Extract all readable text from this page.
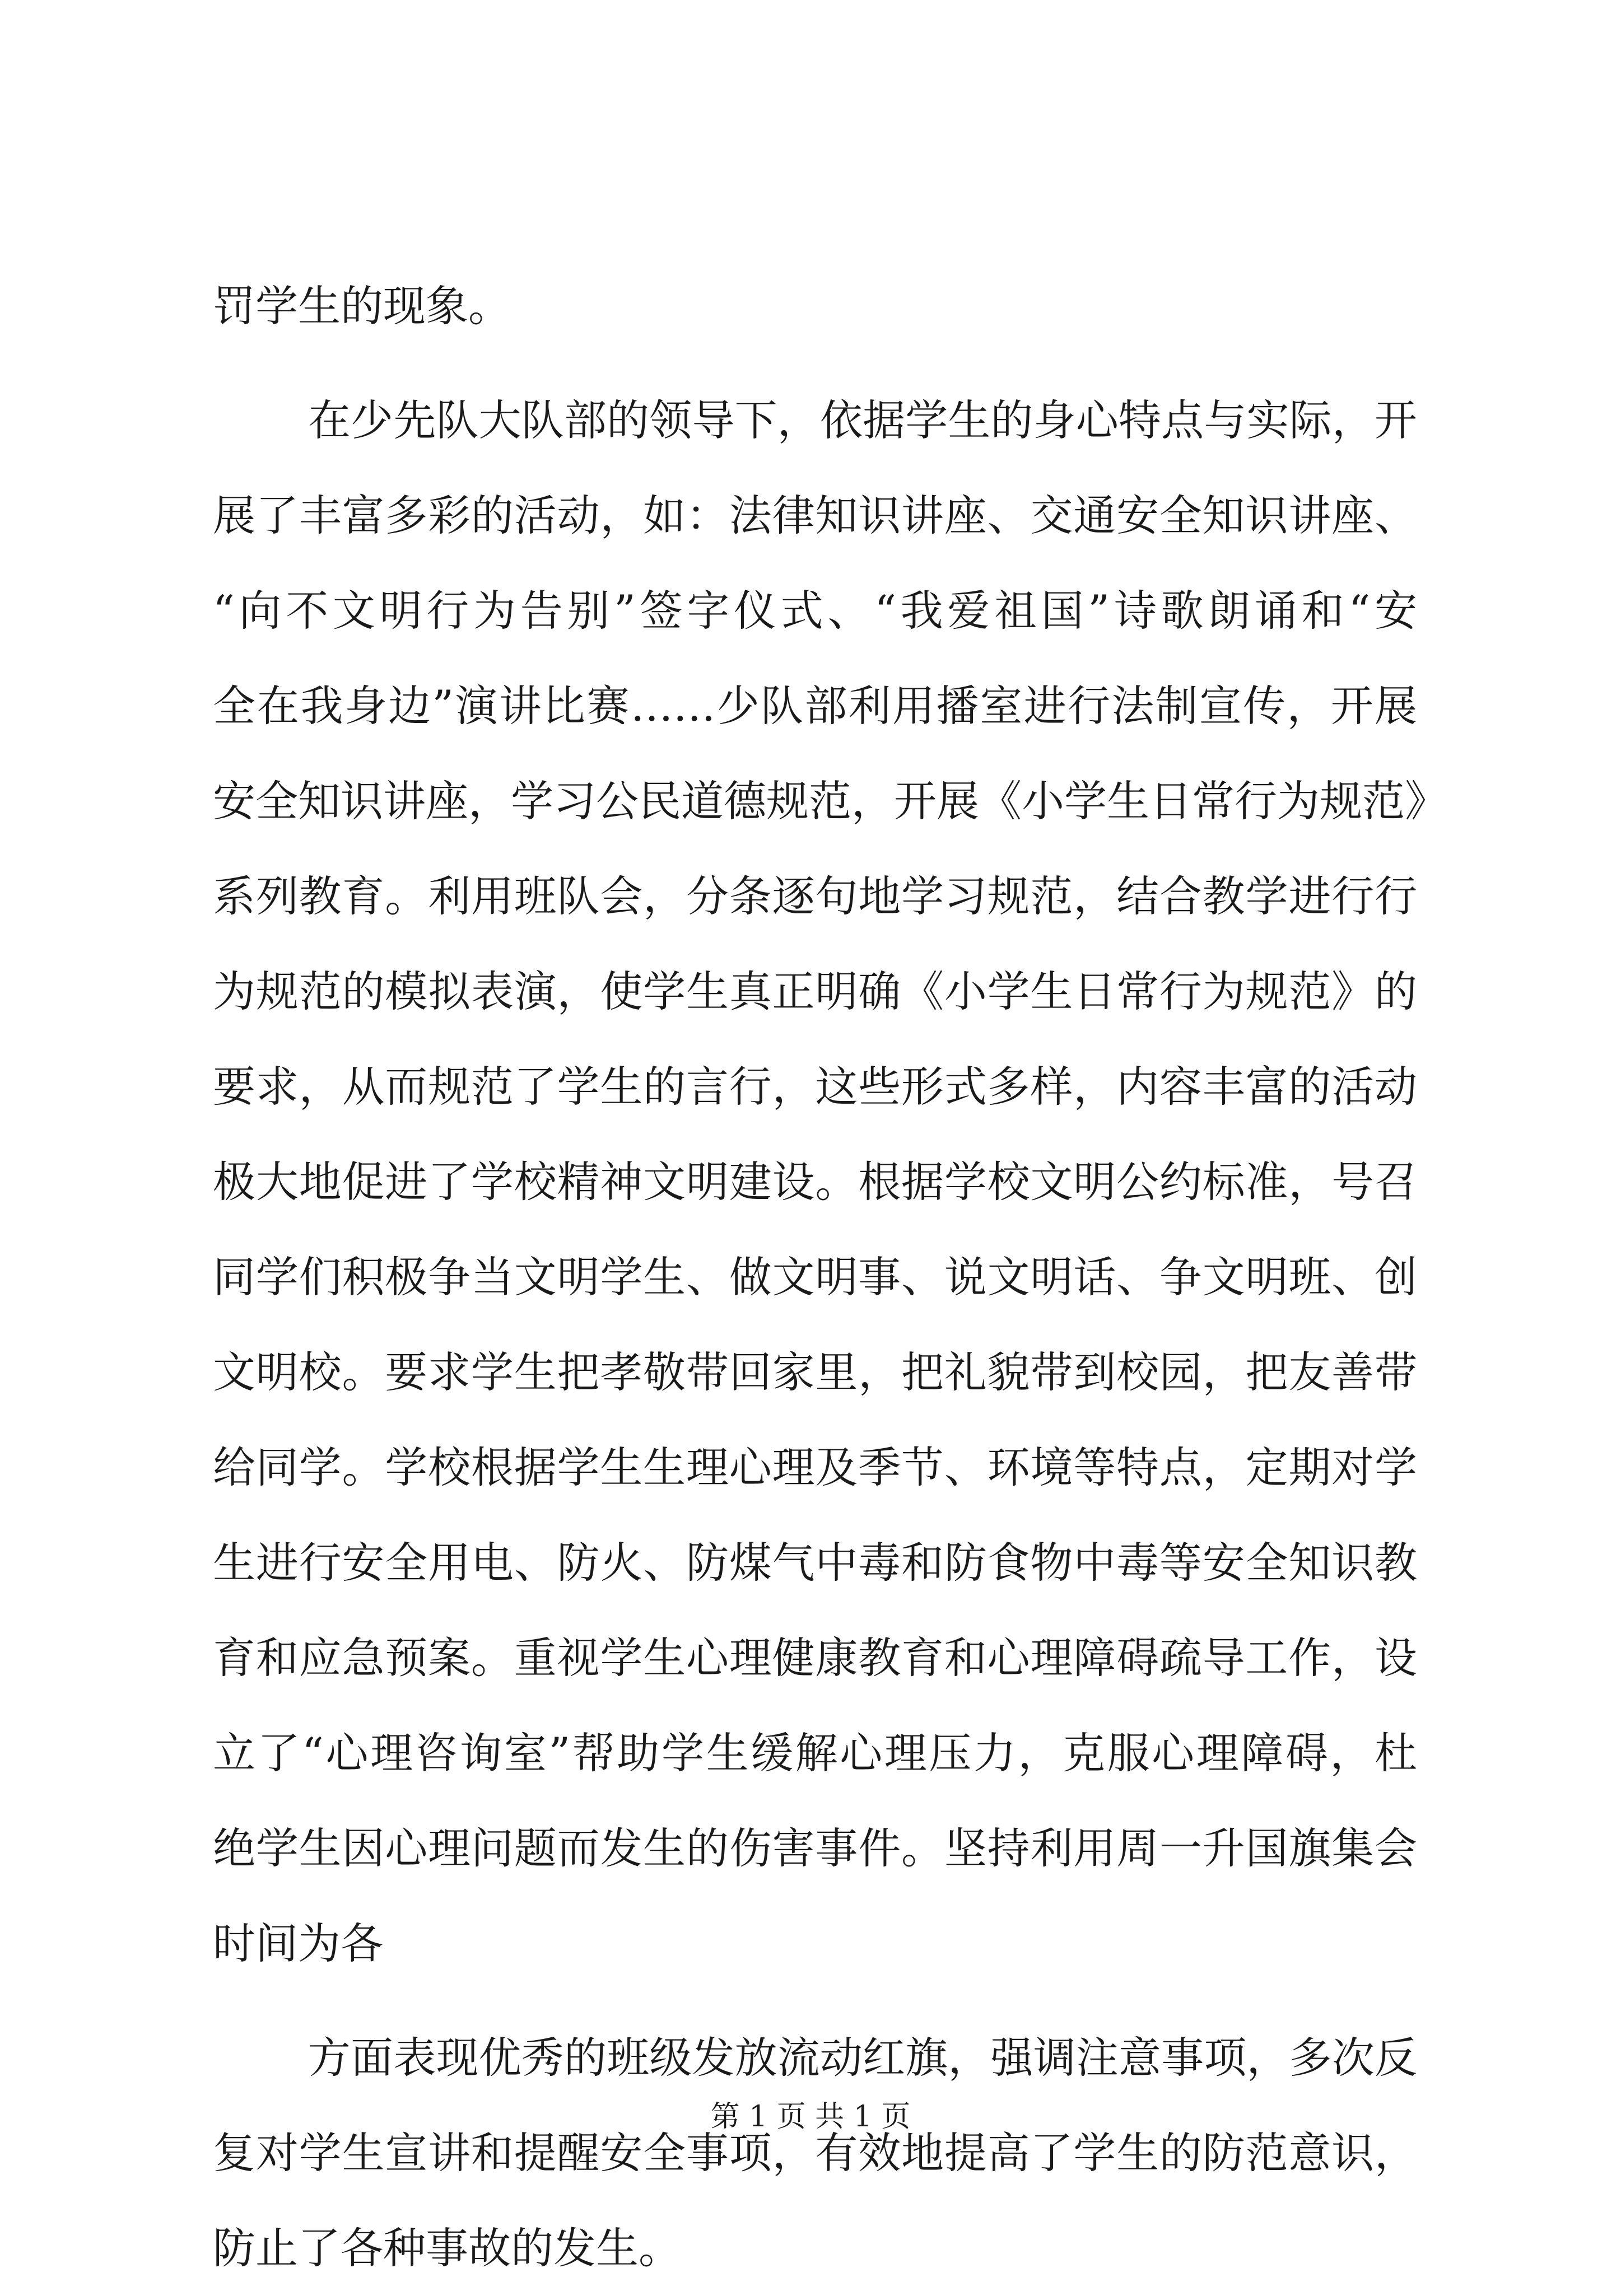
罚学生的现象。
在少先队大队部的领导下，依据学生的身心特点与实际，开
展了丰富多彩的活动，如：法律知识讲座、交通安全知识讲座、
“向不文明行为告别”签字仪式、“我爱祖国”诗歌朗诵和“安
全在我身边”演讲比赛……少队部利用播室进行法制宣传，开展
安全知识讲座，学习公民道德规范，开展《小学生日常行为规范》
系列教育。利用班队会，分条逐句地学习规范，结合教学进行行
为规范的模拟表演，使学生真正明确《小学生日常行为规范》的
要求，从而规范了学生的言行，这些形式多样，内容丰富的活动
极大地促进了学校精神文明建设。根据学校文明公约标准，号召
同学们积极争当文明学生、做文明事、说文明话、争文明班、创
文明校。要求学生把孝敬带回家里，把礼貌带到校园，把友善带
给同学。学校根据学生生理心理及季节、环境等特点，定期对学
生进行安全用电、防火、防煤气中毒和防食物中毒等安全知识教
育和应急预案。重视学生心理健康教育和心理障碍疏导工作，设
立了“心理咨询室”帮助学生缓解心理压力，克服心理障碍，杜
绝学生因心理问题而发生的伤害事件。坚持利用周一升国旗集会
时间为各
方面表现优秀的班级发放流动红旗，强调注意事项，多次反
复对学生宣讲和提醒安全事项，有效地提高了学生的防范意识，
防止了各种事故的发生。
第 1 页 共 1 页
